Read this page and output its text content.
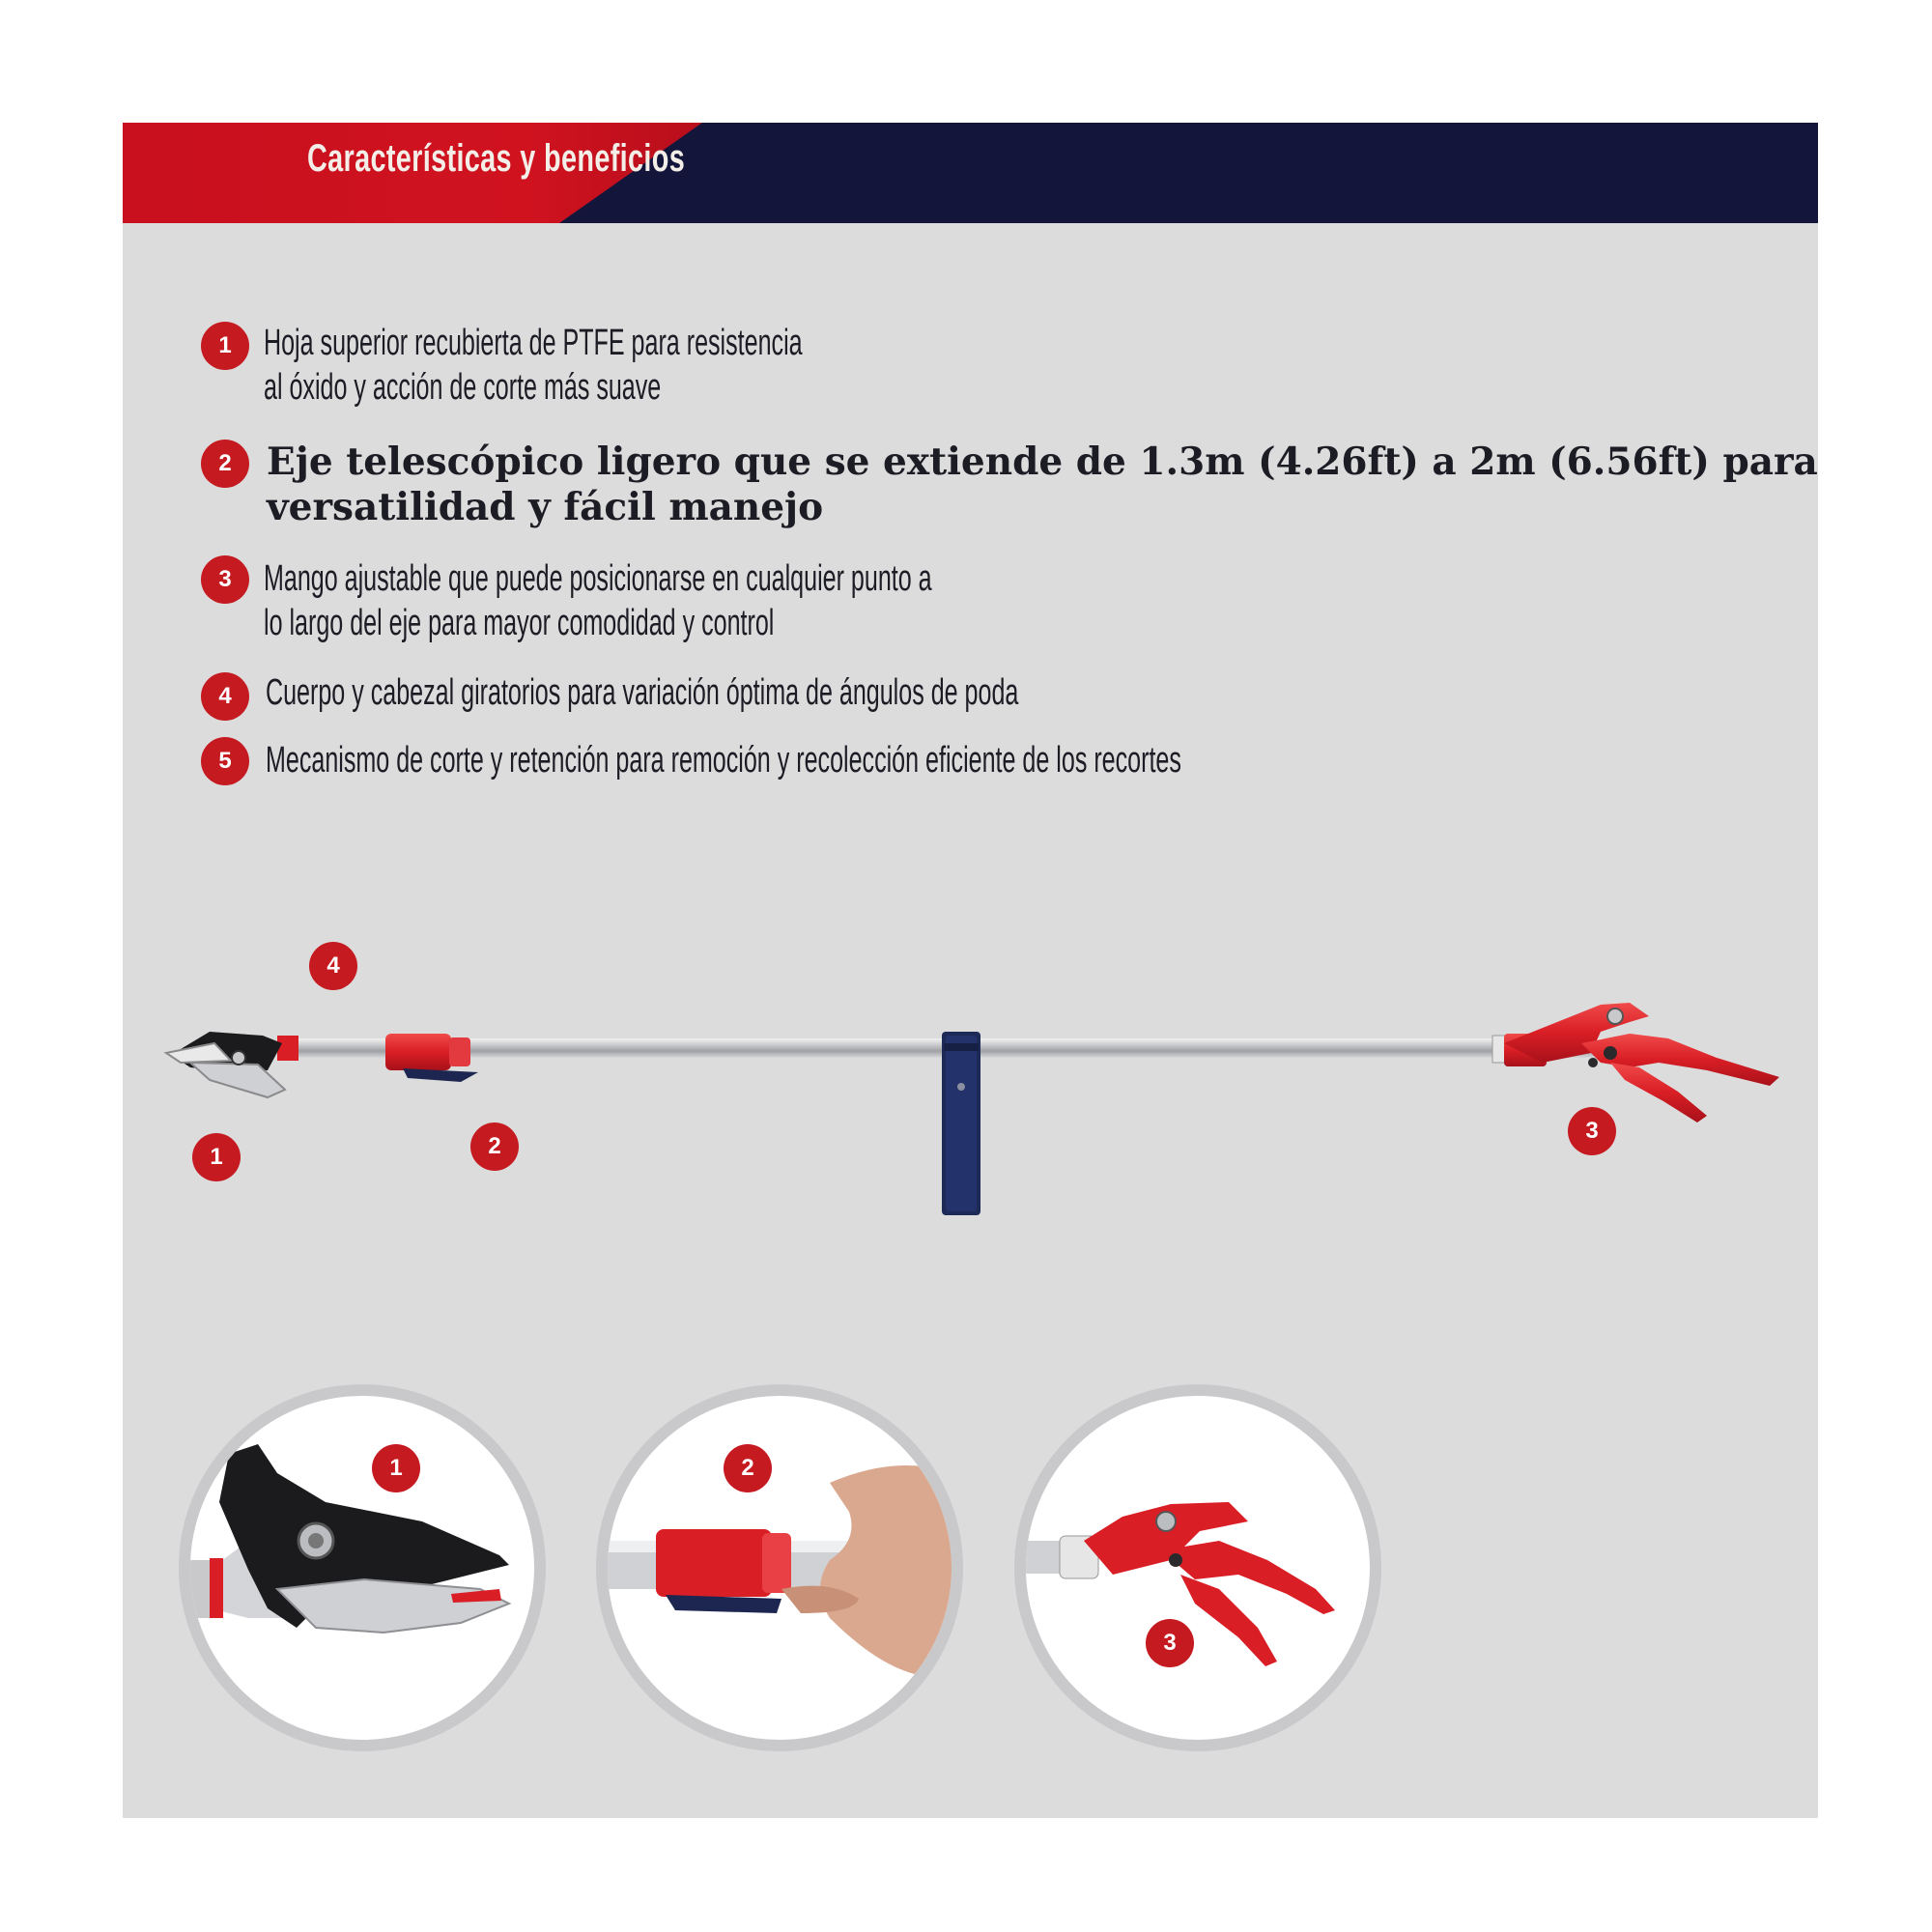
Características y beneficios
1 Hoja superior recubierta de PTFE para resistencia
al óxido y acción de corte más suave
2 Eje telescópico ligero que se extiende de 1.3m (4.26ft) a 2m (6.56ft) para
versatilidad y fácil manejo
3 Mango ajustable que puede posicionarse en cualquier punto a
lo largo del eje para mayor comodidad y control
4 Cuerpo y cabezal giratorios para variación óptima de ángulos de poda
5 Mecanismo de corte y retención para remoción y recolección eficiente de los recortes
4
1	2
3
1	2
3
